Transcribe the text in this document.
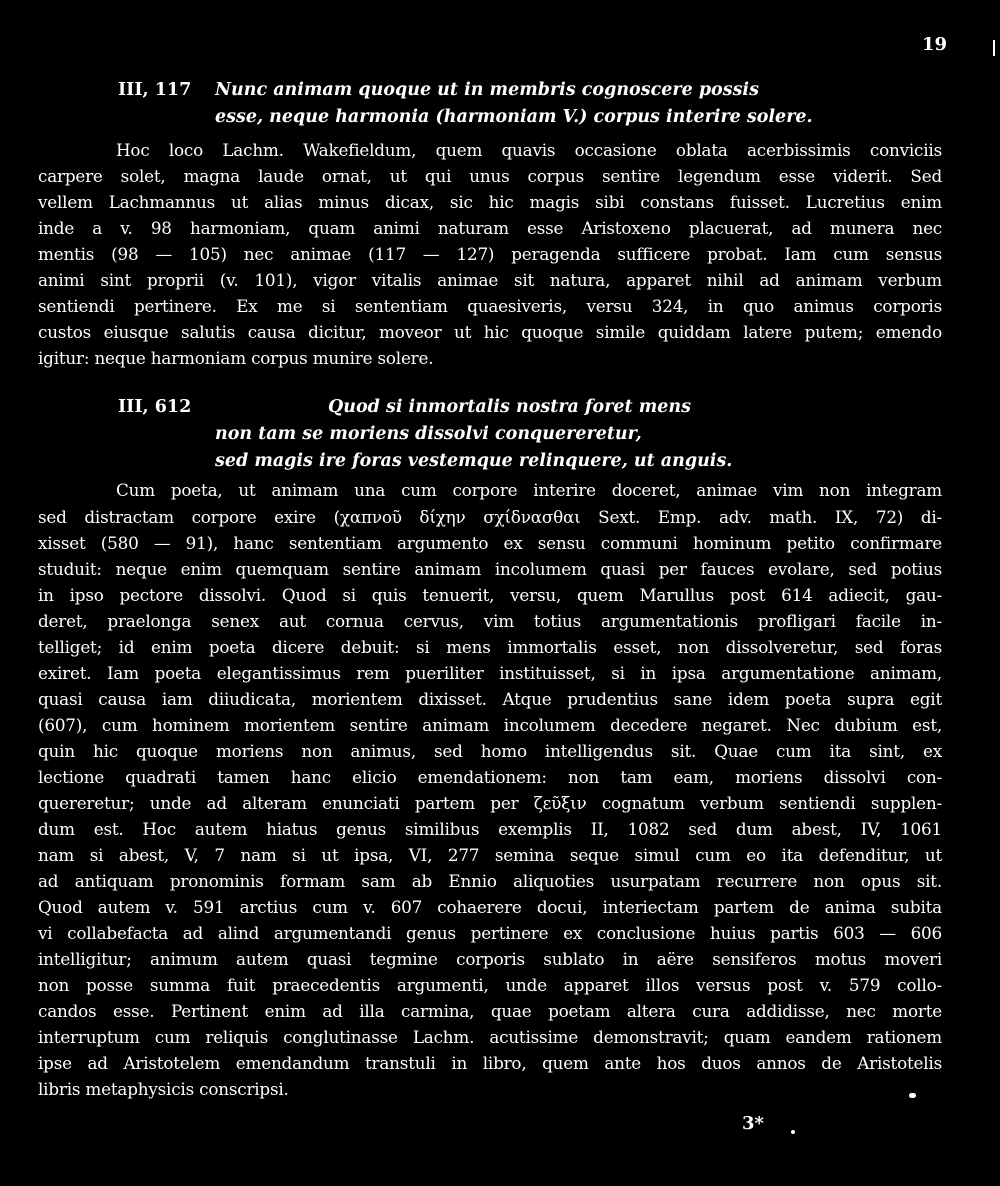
19
III, 117 Nunc animam quoque ut in membris cognoscere possis
esse, neque harmonia (harmoniam V.) corpus interire solere.
Hoc loco Lachm. Wakefieldum, quem quavis occasione oblata acerbissimis conviciis
carpere solet, magna laude ornat, ut qui unus corpus sentire legendum esse viderit. Sed
vellem Lachmannus ut alias minus dicax, sic hic magis sibi constans fuisset. Lucretius enim
inde a v. 98 harmoniam, quam animi naturam esse Aristoxeno placuerat, ad munera nec
mentis (98 — 105) nec animae (117 — 127) peragenda sufficere probat. Iam cum sensus
animi sint proprii (v. 101), vigor vitalis animae sit natura, apparet nihil ad animam verbum
sentiendi pertinere. Ex me si sententiam quaesiveris, versu 324, in quo animus corporis
custos eiusque salutis causa dicitur, moveor ut hic quoque simile quiddam latere putem; emendo
igitur: neque harmoniam corpus munire solere.
III, 612	Quod si inmortalis nostra foret mens
non tam se moriens dissolvi conquereretur,
sed magis ire foras vestemque relinquere, ut anguis.
Cum poeta, ut animam una cum corpore interire doceret, animae vim non integram
sed distractam corpore exire (χαπνοῦ δίχην σχίδνασθαι Sext. Emp. adv. math. IX, 72) di-
xisset (580 — 91), hanc sententiam argumento ex sensu communi hominum petito confirmare
studuit: neque enim quemquam sentire animam incolumem quasi per fauces evolare, sed potius
in ipso pectore dissolvi. Quod si quis tenuerit, versu, quem Marullus post 614 adiecit, gau-
deret, praelonga senex aut cornua cervus, vim totius argumentationis profligari facile in-
telliget; id enim poeta dicere debuit: si mens immortalis esset, non dissolveretur, sed foras
exiret. Iam poeta elegantissimus rem pueriliter instituisset, si in ipsa argumentatione animam,
quasi causa iam diiudicata, morientem dixisset. Atque prudentius sane idem poeta supra egit
(607), cum hominem morientem sentire animam incolumem decedere negaret. Nec dubium est,
quin hic quoque moriens non animus, sed homo intelligendus sit. Quae cum ita sint, ex
lectione quadrati tamen hanc elicio emendationem: non tam eam, moriens dissolvi con-
quereretur; unde ad alteram enunciati partem per ζεῦξιν cognatum verbum sentiendi supplen-
dum est. Hoc autem hiatus genus similibus exemplis II, 1082 sed dum abest, IV, 1061
nam si abest, V, 7 nam si ut ipsa, VI, 277 semina seque simul cum eo ita defenditur, ut
ad antiquam pronominis formam sam ab Ennio aliquoties usurpatam recurrere non opus sit.
Quod autem v. 591 arctius cum v. 607 cohaerere docui, interiectam partem de anima subita
vi collabefacta ad alind argumentandi genus pertinere ex conclusione huius partis 603 — 606
intelligitur; animum autem quasi tegmine corporis sublato in aëre sensiferos motus moveri
non posse summa fuit praecedentis argumenti, unde apparet illos versus post v. 579 collo-
candos esse. Pertinent enim ad illa carmina, quae poetam altera cura addidisse, nec morte
interruptum cum reliquis conglutinasse Lachm. acutissime demonstravit; quam eandem rationem
ipse ad Aristotelem emendandum transtuli in libro, quem ante hos duos annos de Aristotelis
libris metaphysicis conscripsi.
3*
